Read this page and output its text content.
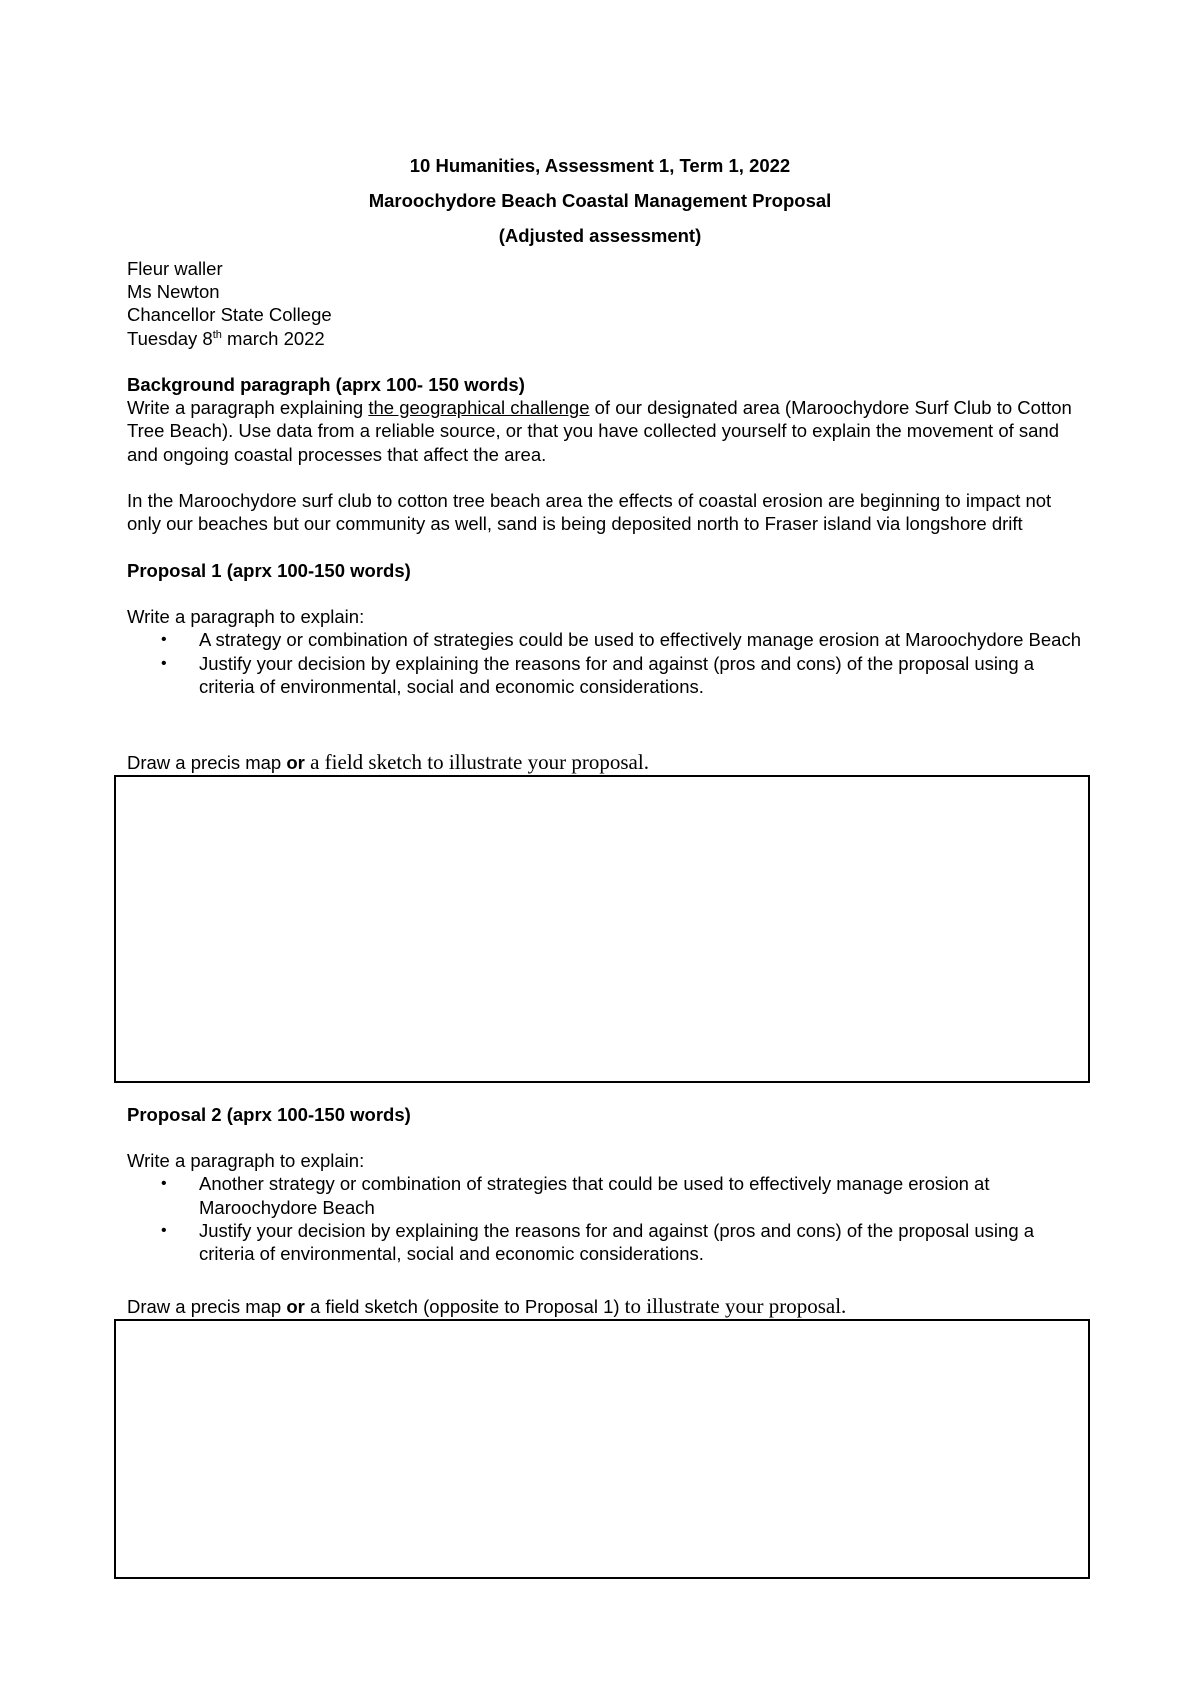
10 Humanities, Assessment 1, Term 1, 2022
Maroochydore Beach Coastal Management Proposal
(Adjusted assessment)
Fleur waller
Ms Newton
Chancellor State College
Tuesday 8th march 2022
Background paragraph (aprx 100- 150 words)
Write a paragraph explaining the geographical challenge of our designated area (Maroochydore Surf Club to Cotton Tree Beach). Use data from a reliable source, or that you have collected yourself to explain the movement of sand and ongoing coastal processes that affect the area.
In the Maroochydore surf club to cotton tree beach area the effects of coastal erosion are beginning to impact not only our beaches but our community as well, sand is being deposited north to Fraser island via longshore drift
Proposal 1 (aprx 100-150 words)
Write a paragraph to explain:
• A strategy or combination of strategies could be used to effectively manage erosion at Maroochydore Beach
• Justify your decision by explaining the reasons for and against (pros and cons) of the proposal using a criteria of environmental, social and economic considerations.
Draw a precis map or a field sketch to illustrate your proposal.
Proposal 2 (aprx 100-150 words)
Write a paragraph to explain:
• Another strategy or combination of strategies that could be used to effectively manage erosion at Maroochydore Beach
• Justify your decision by explaining the reasons for and against (pros and cons) of the proposal using a criteria of environmental, social and economic considerations.
Draw a precis map or a field sketch (opposite to Proposal 1) to illustrate your proposal.
